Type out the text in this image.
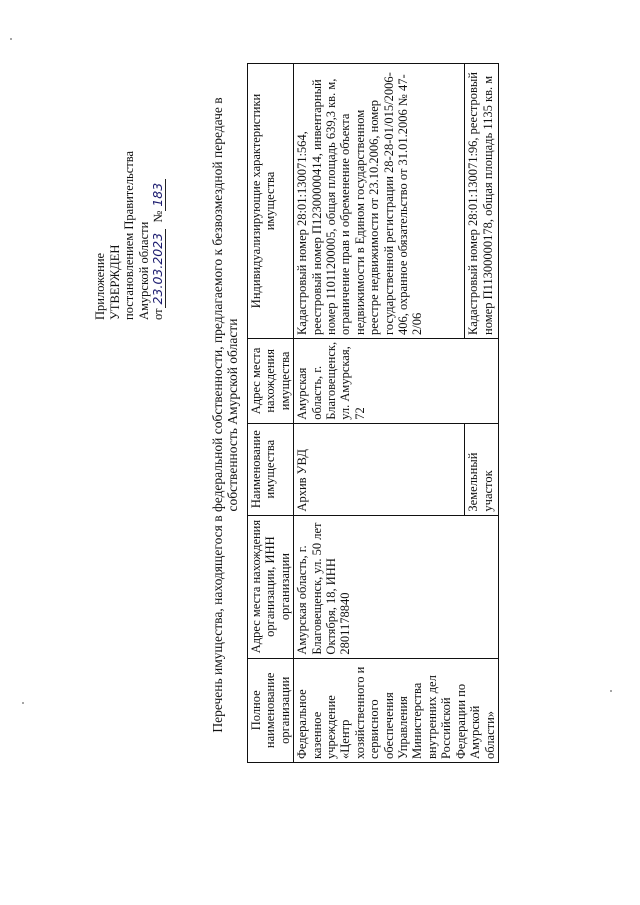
Приложение УТВЕРЖДЕН постановлением Правительства Амурской области от23.03.2023  №183	Перечень имущества, находящегося в федеральной собственности, предлагаемого к безвозмездной передаче в собственность Амурской области
Полное наименование организации	Адрес места нахождения организации, ИНН организации	Наименование имущества	Адрес места нахождения имущества	Индивидуализирующие характеристики имущества
Федеральное казенное учреждение «Центр хозяйственного и сервисного обеспечения Управления Министерства внутренних дел Российской Федерации по Амурской области»	Амурская область, г. Благовещенск, ул. 50 лет Октября, 18, ИНН 2801178840	Архив УВД	Амурская область, г. Благовещенск, ул. Амурская, 72	Кадастровый номер 28:01:130071:564, реестровый номер П12300000414, инвентарный номер 11011200005, общая площадь 639,3 кв. м, ограничение прав и обременение объекта недвижимости в Едином государственном реестре недвижимости от 23.10.2006, номер государственной регистрации 28-28-01/015/2006-406, охранное обязательство от 31.01.2006 № 47-2/06
		Земельный участок		Кадастровый номер 28:01:130071:96, реестровый номер П11300000178, общая площадь 1135 кв. м
